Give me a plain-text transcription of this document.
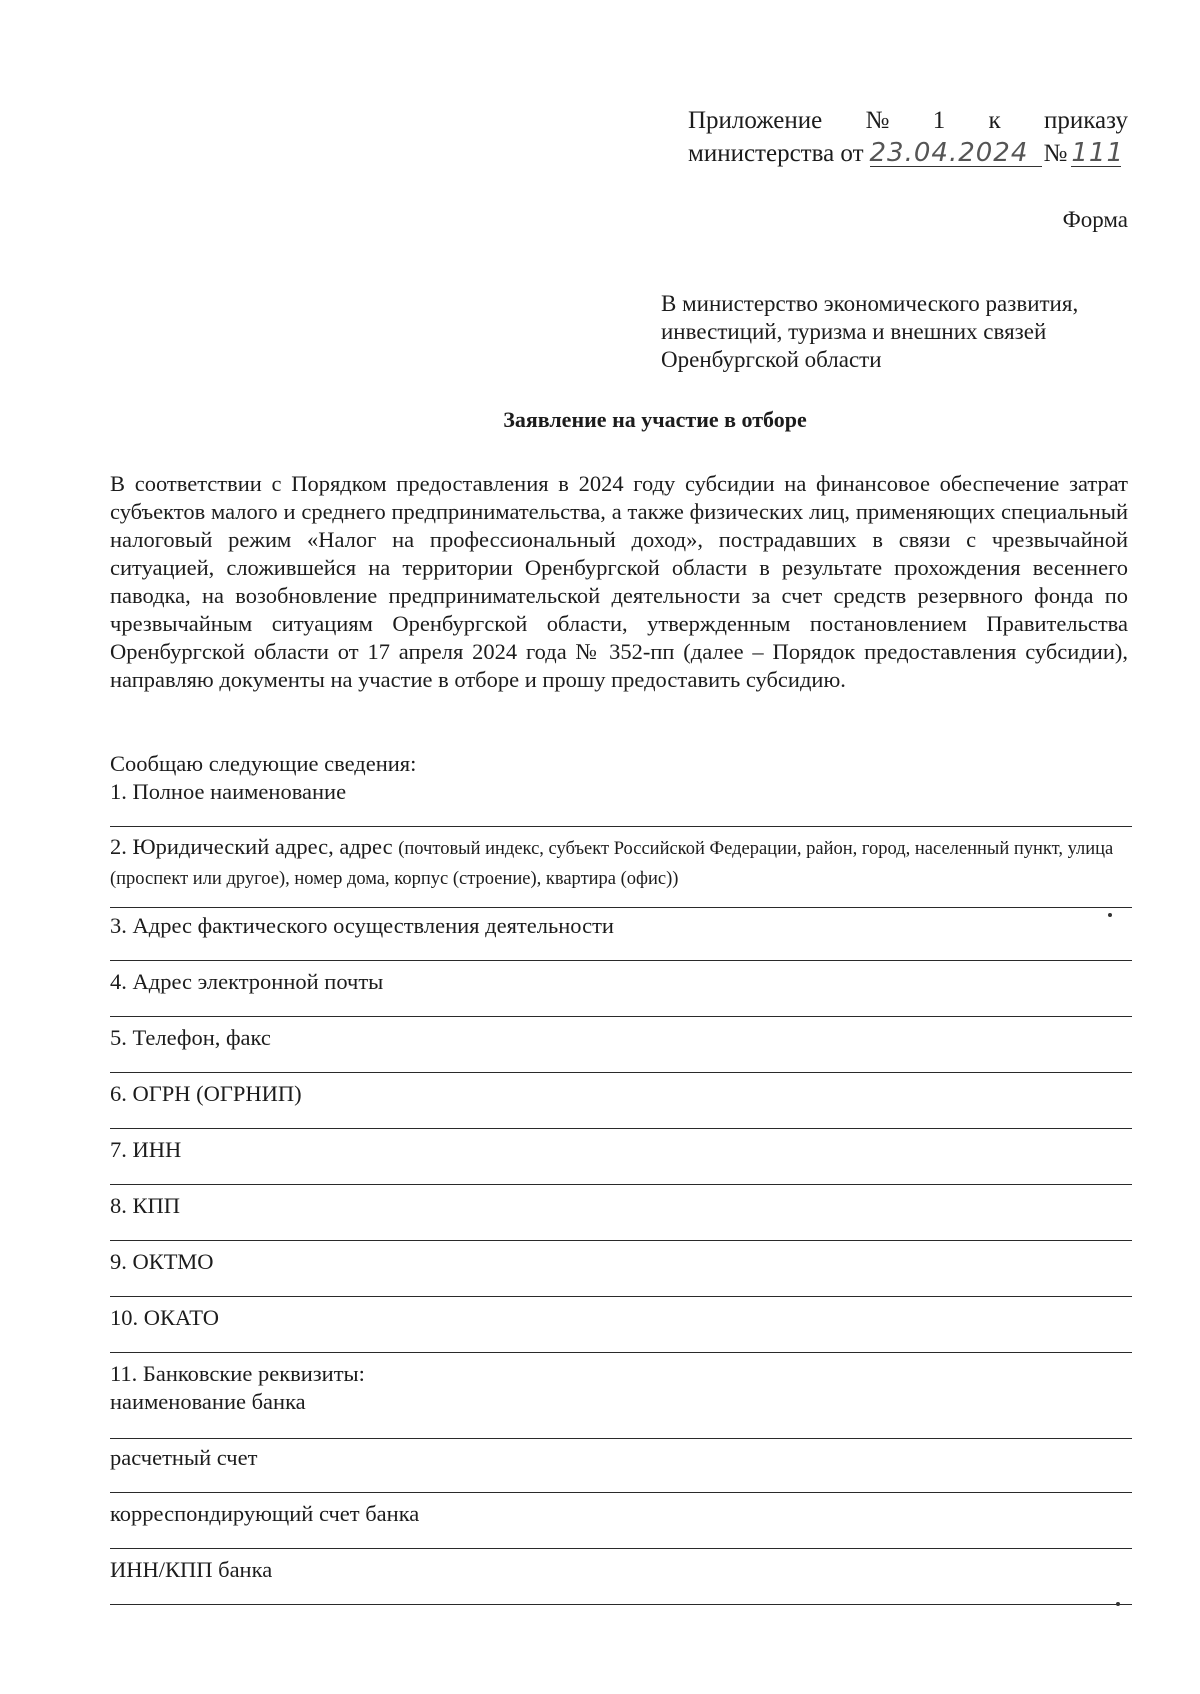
Приложение № 1 к приказу
министерства от 23.04.2024 № 111
Форма
В министерство экономического развития,
инвестиций, туризма и внешних связей
Оренбургской области
Заявление на участие в отборе
В соответствии с Порядком предоставления в 2024 году субсидии на финансовое обеспечение затрат субъектов малого и среднего предпринимательства, а также физических лиц, применяющих специальный налоговый режим «Налог на профессиональный доход», пострадавших в связи с чрезвычайной ситуацией, сложившейся на территории Оренбургской области в результате прохождения весеннего паводка, на возобновление предпринимательской деятельности за счет средств резервного фонда по чрезвычайным ситуациям Оренбургской области, утвержденным постановлением Правительства Оренбургской области от 17 апреля 2024 года № 352-пп (далее – Порядок предоставления субсидии), направляю документы на участие в отборе и прошу предоставить субсидию.
Сообщаю следующие сведения:
1. Полное наименование
2. Юридический адрес, адрес (почтовый индекс, субъект Российской Федерации, район, город, населенный пункт, улица (проспект или другое), номер дома, корпус (строение), квартира (офис))
3. Адрес фактического осуществления деятельности
4. Адрес электронной почты
5. Телефон, факс
6. ОГРН (ОГРНИП)
7. ИНН
8. КПП
9. ОКТМО
10. ОКАТО
11. Банковские реквизиты:
наименование банка
расчетный счет
корреспондирующий счет банка
ИНН/КПП банка
